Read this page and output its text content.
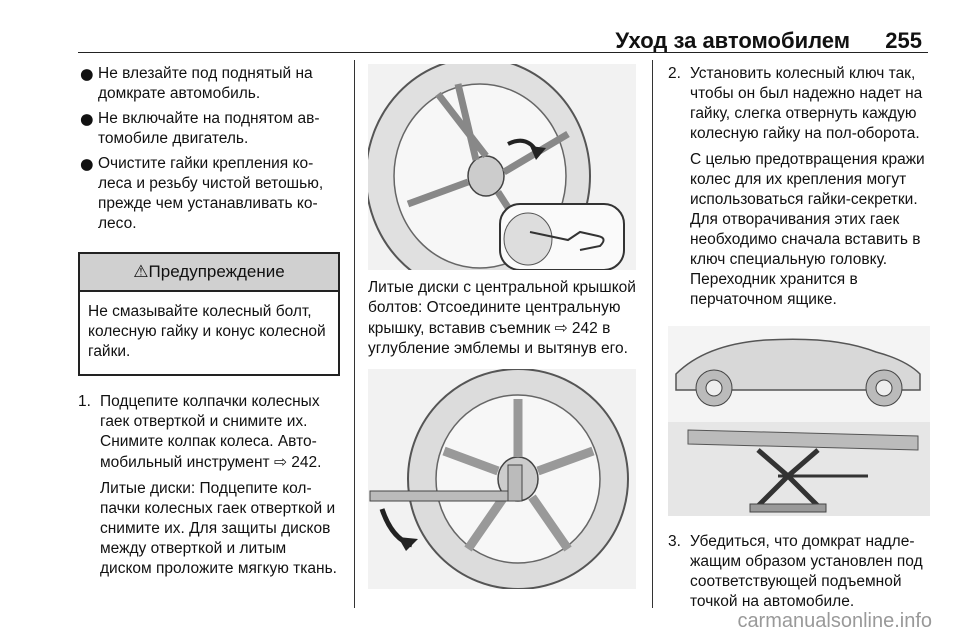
Уход за автомобилем 255
● Не влезайте под поднятый на домкрате автомобиль.
● Не включайте на поднятом автомобиле двигатель.
● Очистите гайки крепления колеса и резьбу чистой ветошью, прежде чем устанавливать колесо.
⚠Предупреждение
Не смазывайте колесный болт, колесную гайку и конус колесной гайки.
1. Подцепите колпачки колесных гаек отверткой и снимите их. Снимите колпак колеса. Автомобильный инструмент ⇨ 242.

Литые диски: Подцепите колпачки колесных гаек отверткой и снимите их. Для защиты дисков между отверткой и литым диском проложите мягкую ткань.

Литые диски с центральной крышкой болтов: Отсоедините центральную крышку, вставив съемник ⇨ 242 в углубление эмблемы и вытянув его.
2. Установить колесный ключ так, чтобы он был надежно надет на гайку, слегка отвернуть каждую колесную гайку на пол-оборота.

С целью предотвращения кражи колес для их крепления могут использоваться гайки-секретки. Для отворачивания этих гаек необходимо сначала вставить в ключ специальную головку. Переходник хранится в перчаточном ящике.

3. Убедиться, что домкрат надлежащим образом установлен под соответствующей подъемной точкой на автомобиле.

carmanualsonline.info
